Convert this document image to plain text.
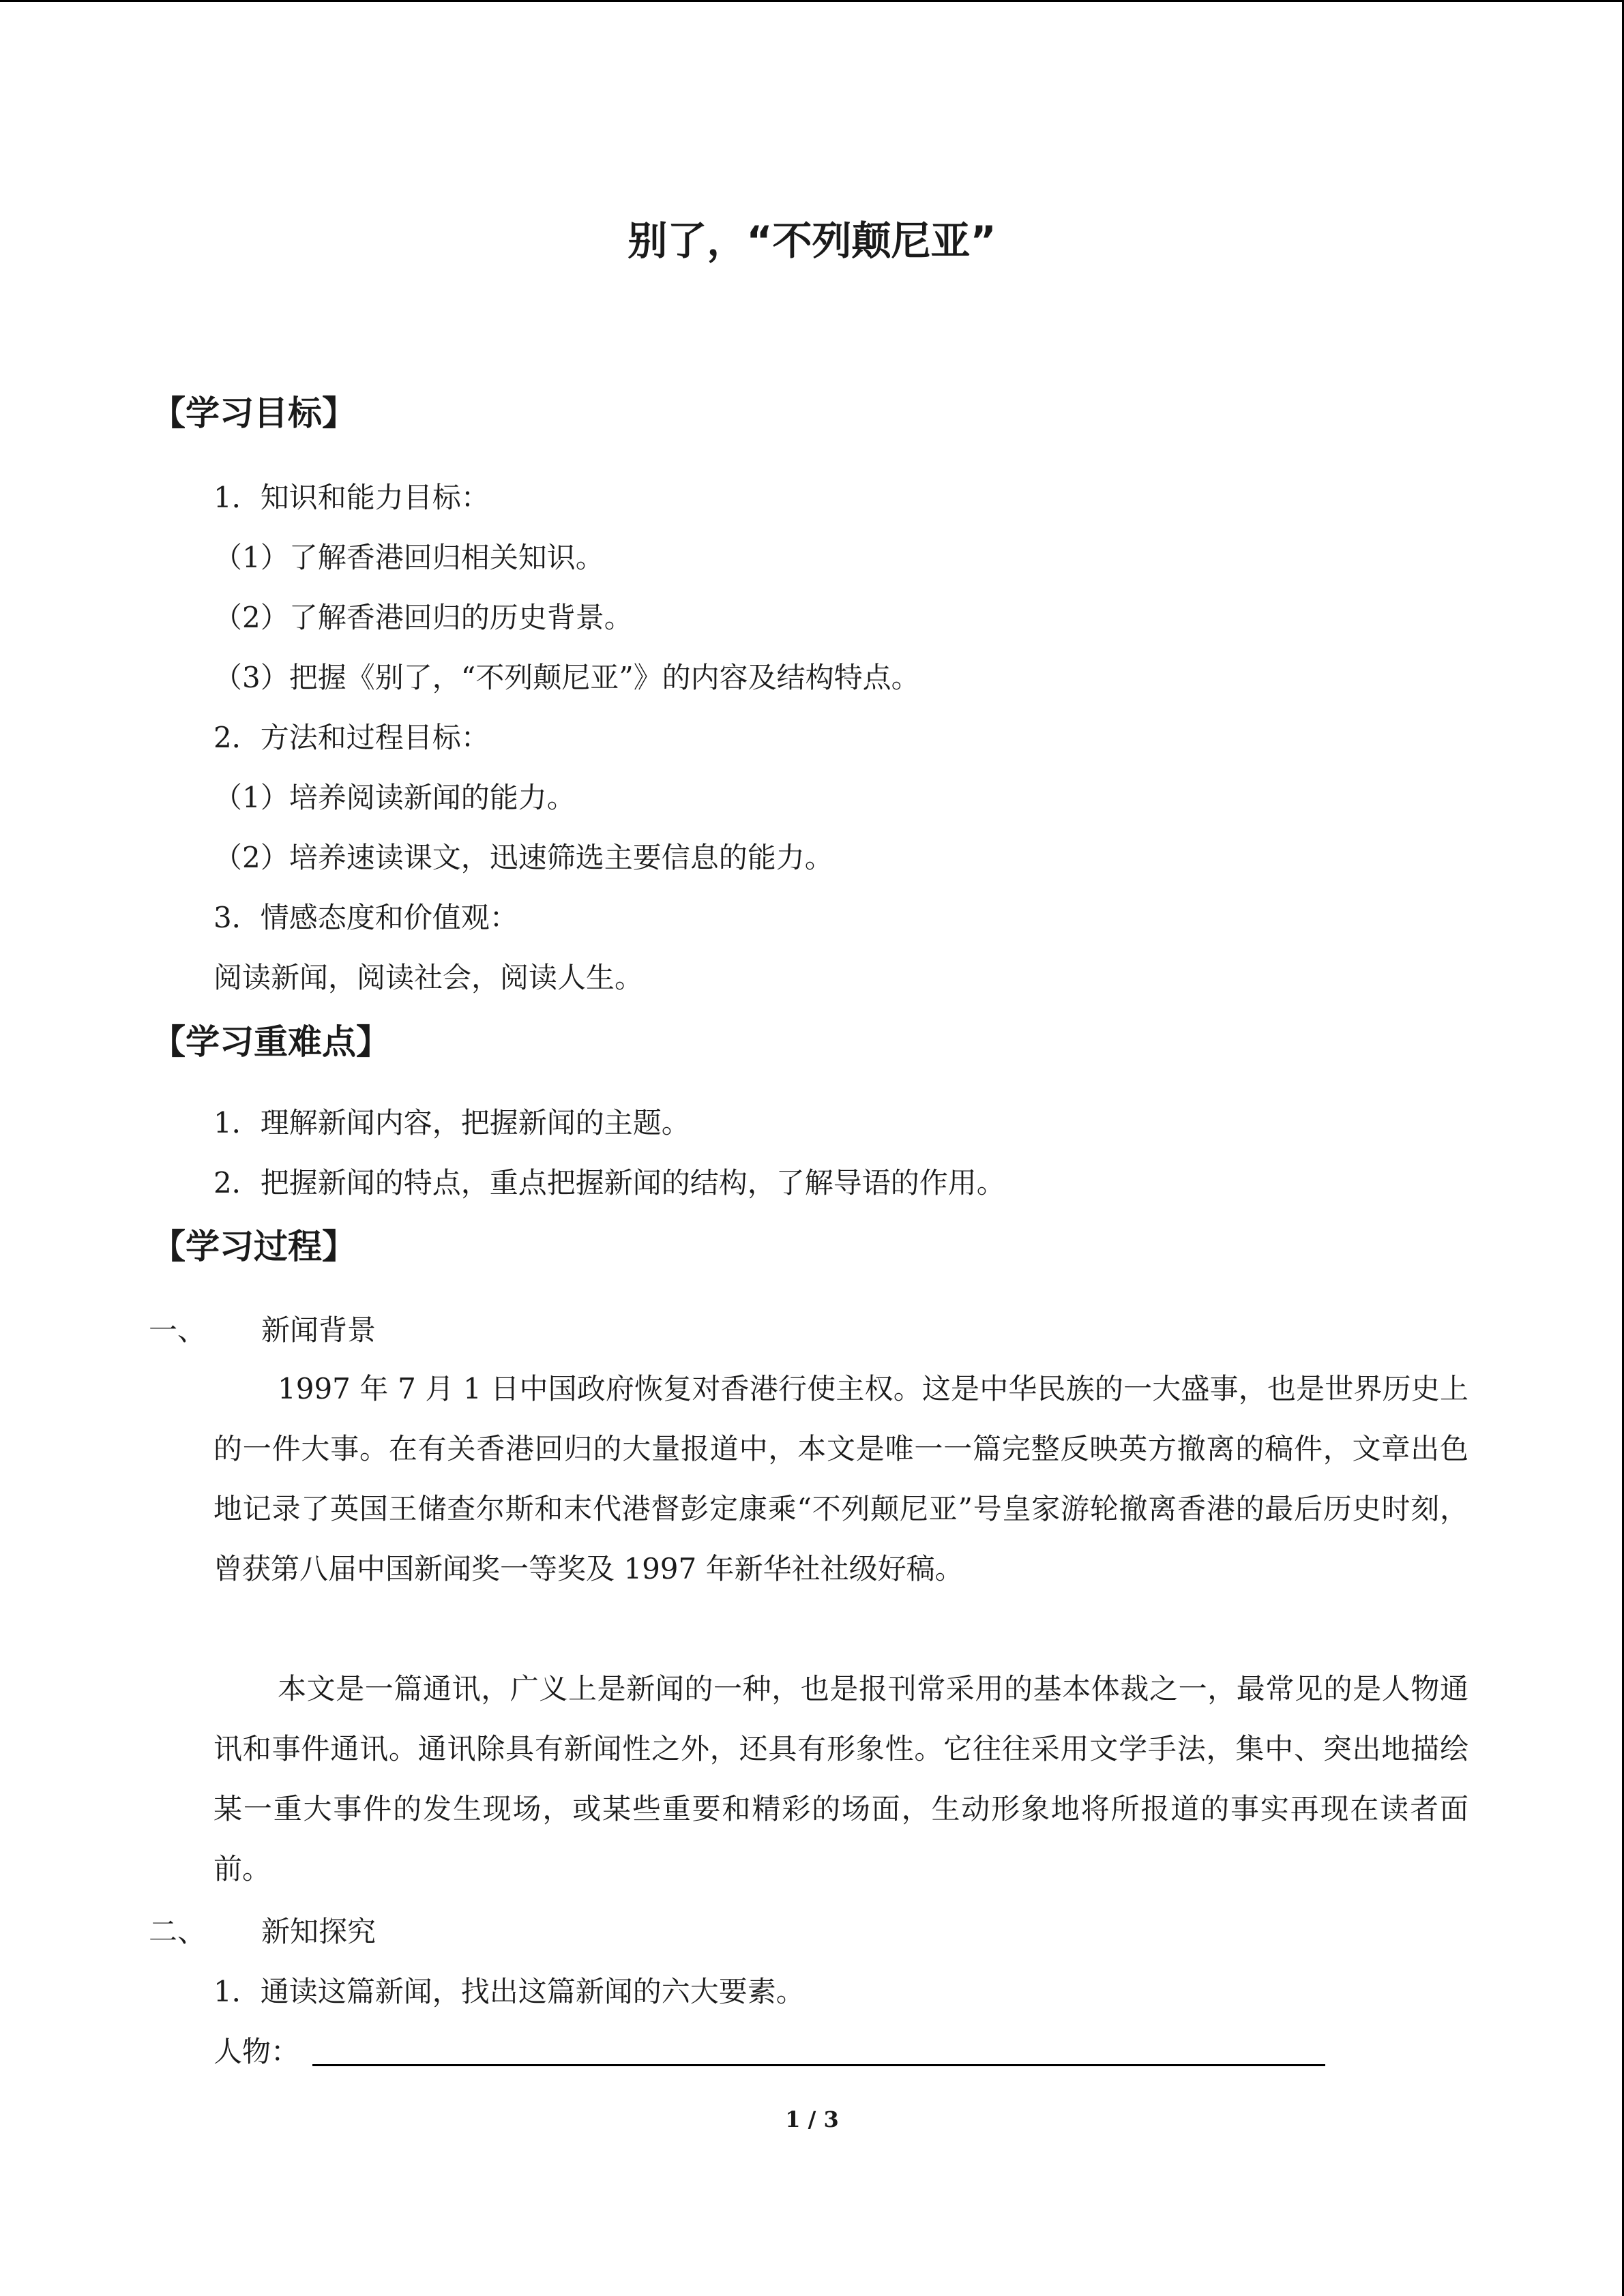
别了，“不列颠尼亚”
【学习目标】
1．知识和能力目标：
（1）了解香港回归相关知识。
（2）了解香港回归的历史背景。
（3）把握《别了，“不列颠尼亚”》的内容及结构特点。
2．方法和过程目标：
（1）培养阅读新闻的能力。
（2）培养速读课文，迅速筛选主要信息的能力。
3．情感态度和价值观：
阅读新闻，阅读社会，阅读人生。
【学习重难点】
1．理解新闻内容，把握新闻的主题。
2．把握新闻的特点，重点把握新闻的结构，了解导语的作用。
【学习过程】
一、 新闻背景
1997 年 7 月 1 日中国政府恢复对香港行使主权。这是中华民族的一大盛事，也是世界历史上的一件大事。在有关香港回归的大量报道中，本文是唯一一篇完整反映英方撤离的稿件，文章出色地记录了英国王储查尔斯和末代港督彭定康乘“不列颠尼亚”号皇家游轮撤离香港的最后历史时刻，曾获第八届中国新闻奖一等奖及 1997 年新华社社级好稿。
本文是一篇通讯，广义上是新闻的一种，也是报刊常采用的基本体裁之一，最常见的是人物通讯和事件通讯。通讯除具有新闻性之外，还具有形象性。它往往采用文学手法，集中、突出地描绘某一重大事件的发生现场，或某些重要和精彩的场面，生动形象地将所报道的事实再现在读者面前。
二、 新知探究
1．通读这篇新闻，找出这篇新闻的六大要素。
人物：
1 / 3
